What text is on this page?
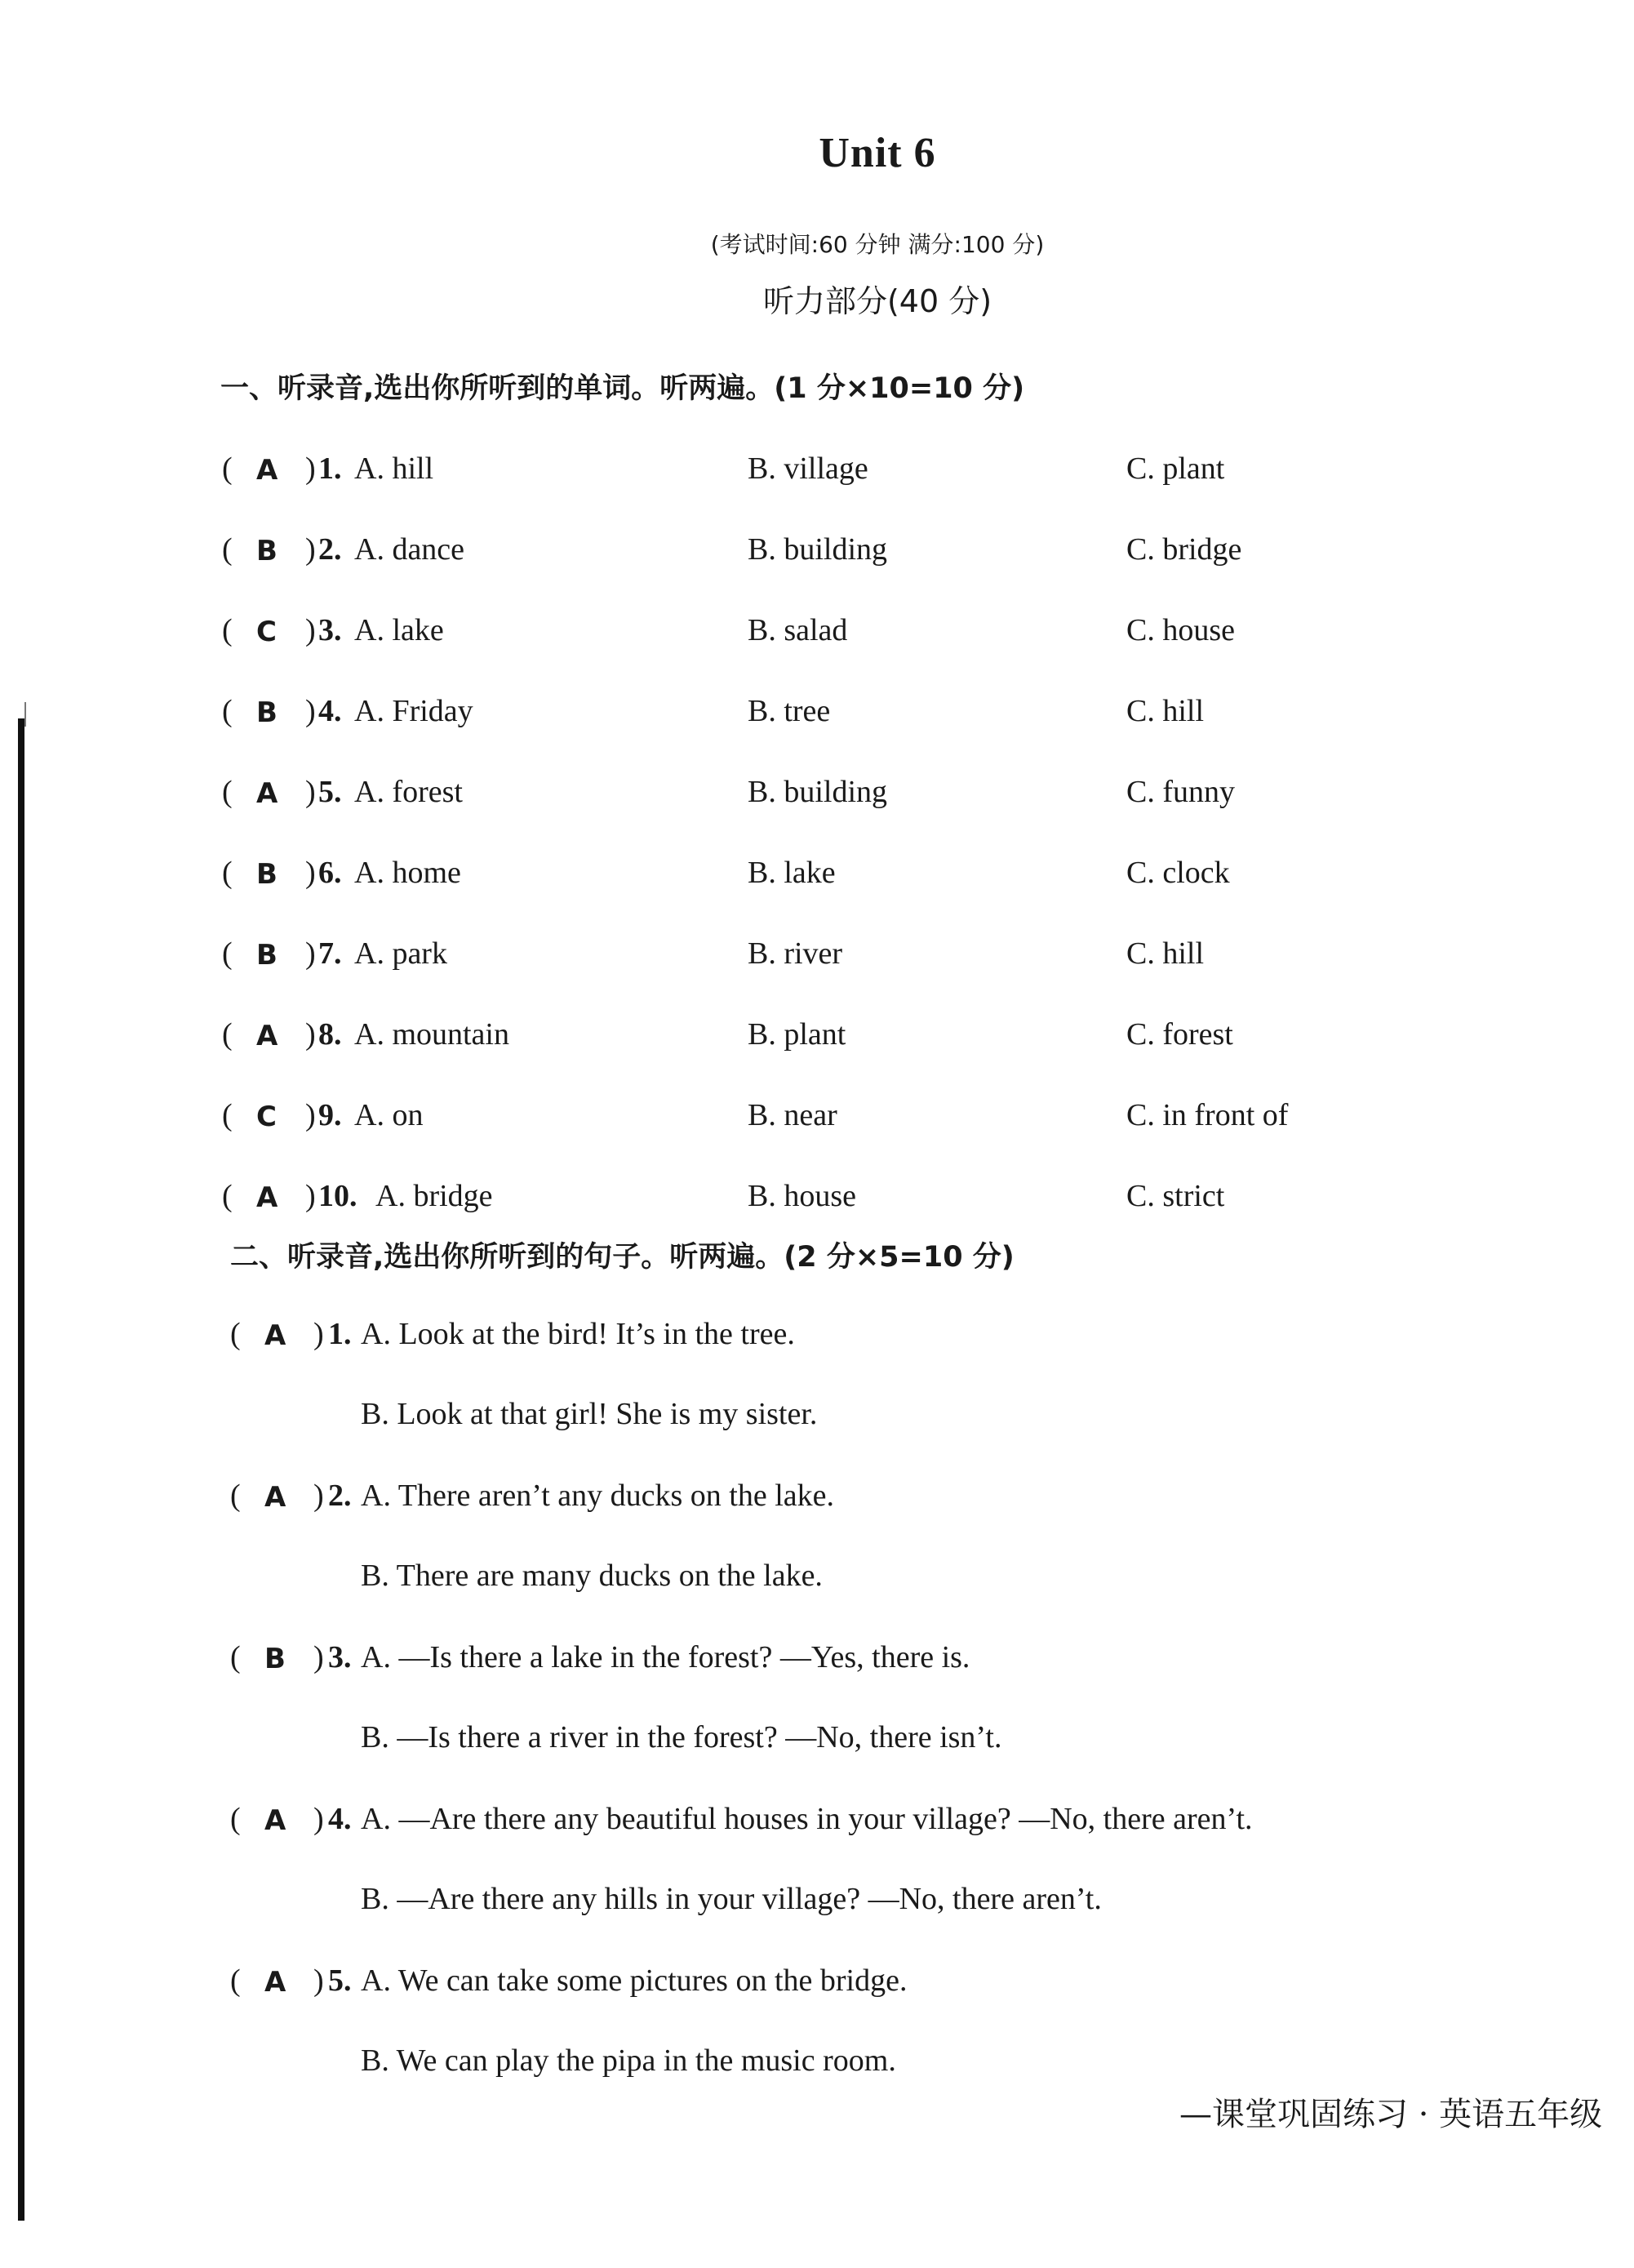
Unit 6
(考试时间:60 分钟 满分:100 分)
听力部分(40 分)
一、听录音,选出你所听到的单词。听两遍。(1 分×10=10 分)
( A ) 1. A. hill	B. village	C. plant
( B ) 2. A. dance	B. building	C. bridge
( C ) 3. A. lake	B. salad	C. house
( B ) 4. A. Friday	B. tree	C. hill
( A ) 5. A. forest	B. building	C. funny
( B ) 6. A. home	B. lake	C. clock
( B ) 7. A. park	B. river	C. hill
( A ) 8. A. mountain	B. plant	C. forest
( C ) 9. A. on	B. near	C. in front of
( A ) 10. A. bridge	B. house	C. strict
二、听录音,选出你所听到的句子。听两遍。(2 分×5=10 分)
( A ) 1. A. Look at the bird! It’s in the tree.
B. Look at that girl! She is my sister.
( A ) 2. A. There aren’t any ducks on the lake.
B. There are many ducks on the lake.
( B ) 3. A. —Is there a lake in the forest? —Yes, there is.
B. —Is there a river in the forest? —No, there isn’t.
( A ) 4. A. —Are there any beautiful houses in your village? —No, there aren’t.
B. —Are there any hills in your village? —No, there aren’t.
( A ) 5. A. We can take some pictures on the bridge.
B. We can play the pipa in the music room.
—课堂巩固练习 · 英语五年级
